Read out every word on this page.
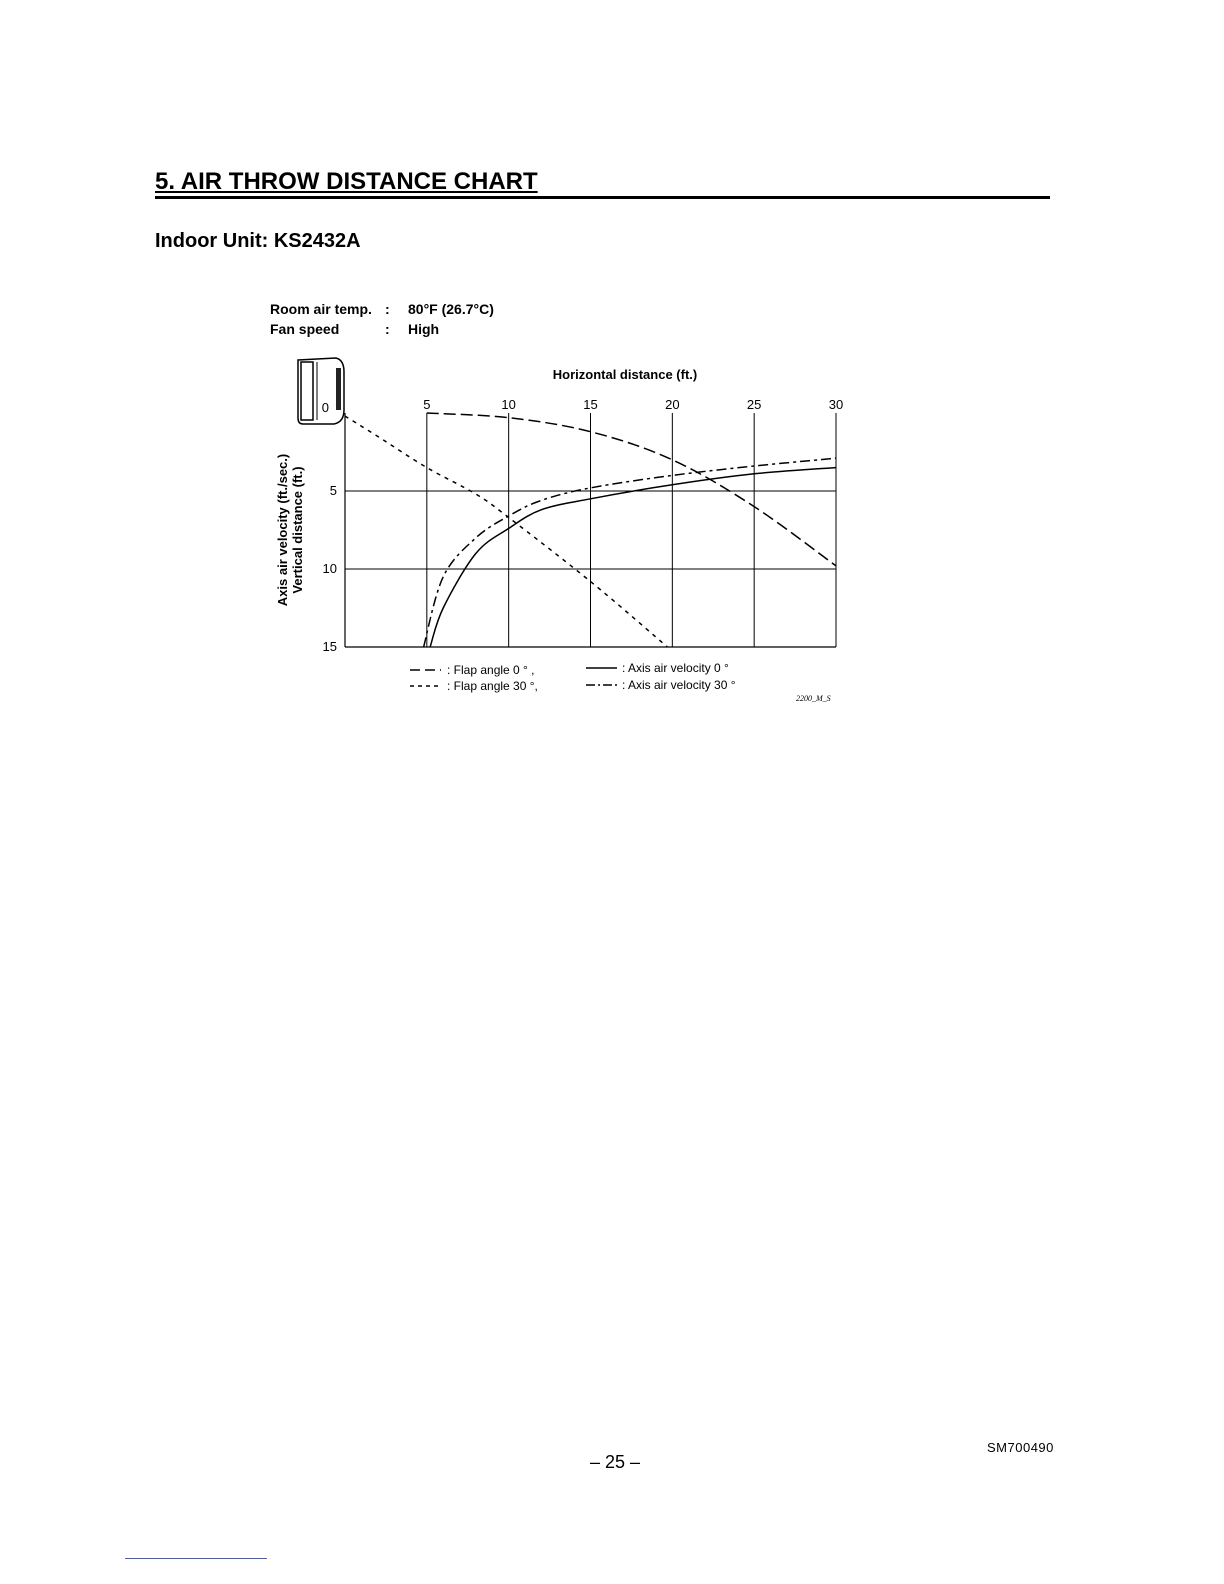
5. AIR THROW DISTANCE CHART
Indoor Unit: KS2432A
Room air temp. : 80°F (26.7°C)
Fan speed	: High
5	10	15	20	25	30
5
10
15
0
Horizontal distance (ft.)
Axis air velocity (ft./sec.) Vertical distance (ft.)
: Flap angle 0 ° ,
: Flap angle 30 °,
: Axis air velocity 0 °
: Axis air velocity 30 °
2200_M_S
– 25 –
SM700490
